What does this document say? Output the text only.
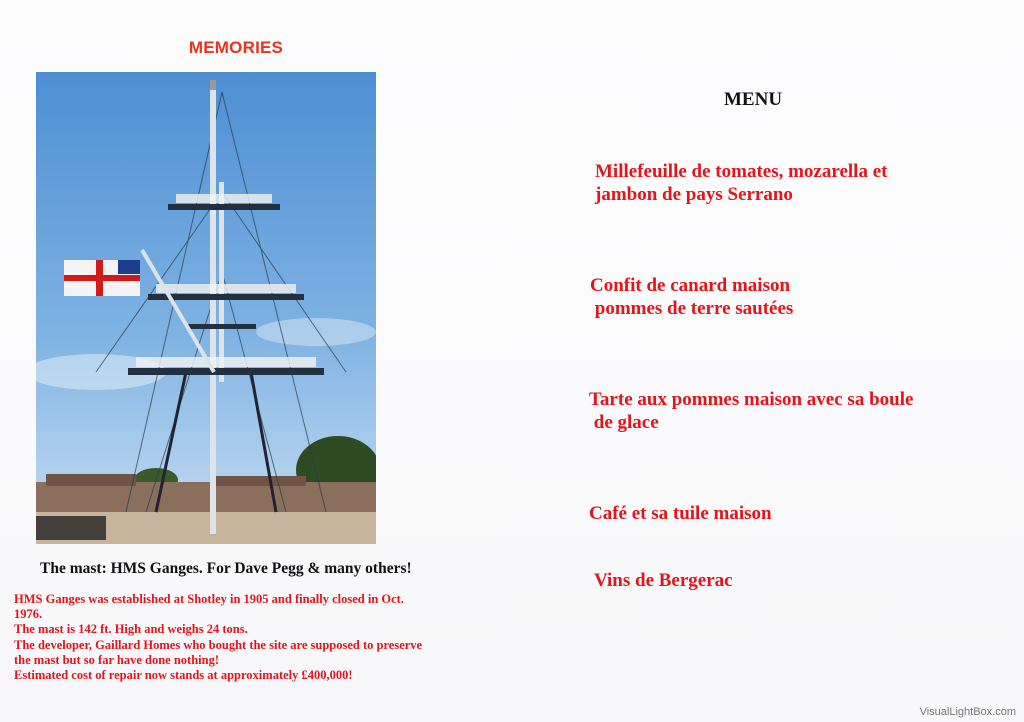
MEMORIES
The mast: HMS Ganges. For Dave Pegg & many others!
HMS Ganges was established at Shotley in 1905 and finally closed in Oct.
1976.
The mast is 142 ft. High and weighs 24 tons.
The developer, Gaillard Homes who bought the site are supposed to preserve
the mast but so far have done nothing!
Estimated cost of repair now stands at approximately £400,000!
MENU
Millefeuille de tomates, mozarella et
jambon de pays Serrano
Confit de canard maison
pommes de terre sautées
Tarte aux pommes maison avec sa boule
de glace
Café et sa tuile maison
Vins de Bergerac
VisualLightBox.com
